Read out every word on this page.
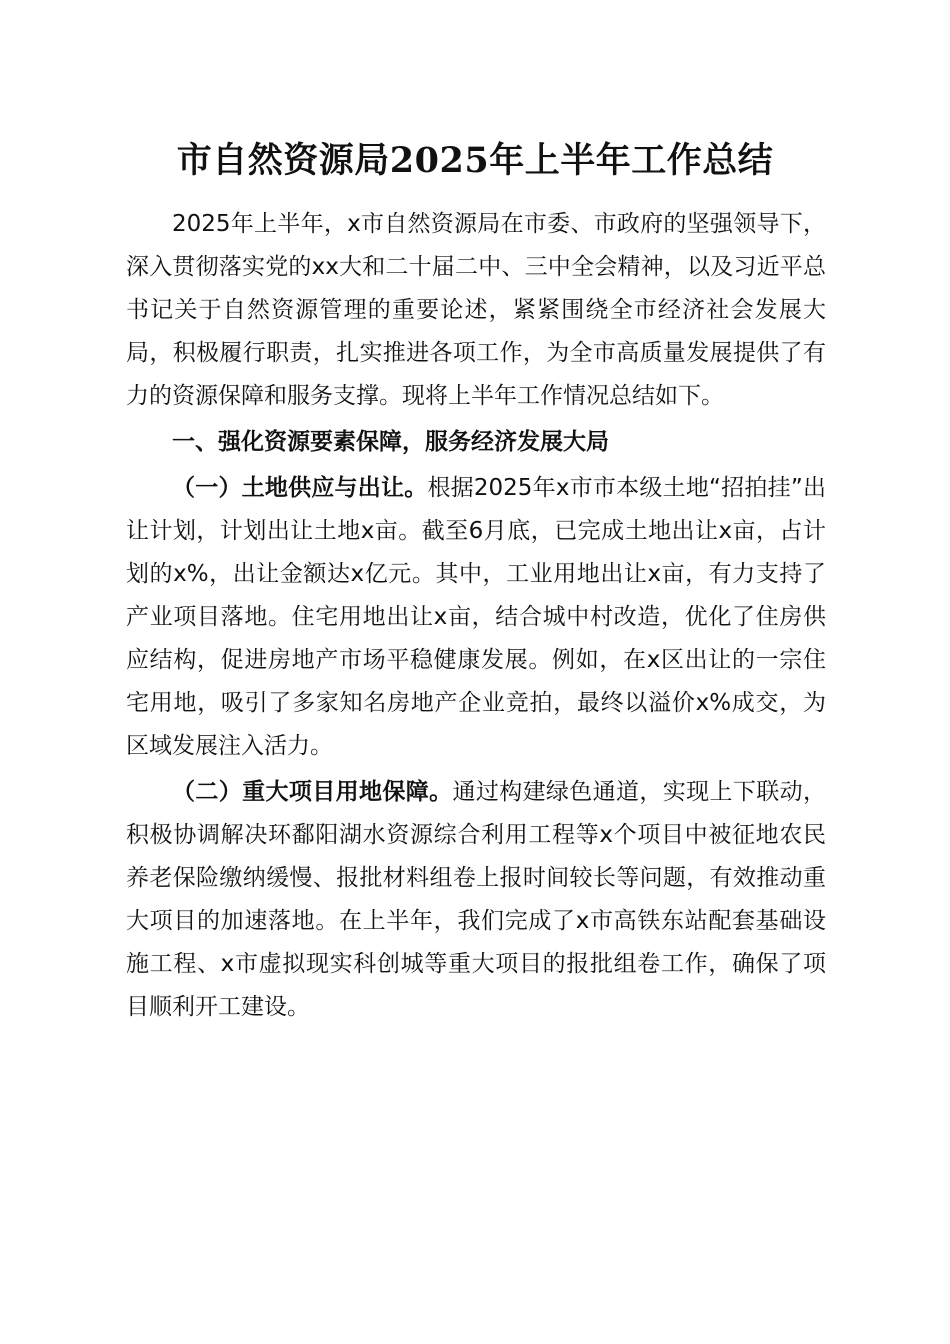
市自然资源局2025年上半年工作总结

2025年上半年，x市自然资源局在市委、市政府的坚强领导下，深入贯彻落实党的xx大和二十届二中、三中全会精神，以及习近平总书记关于自然资源管理的重要论述，紧紧围绕全市经济社会发展大局，积极履行职责，扎实推进各项工作，为全市高质量发展提供了有力的资源保障和服务支撑。现将上半年工作情况总结如下。

一、强化资源要素保障，服务经济发展大局

（一）土地供应与出让。根据2025年x市市本级土地“招拍挂”出让计划，计划出让土地x亩。截至6月底，已完成土地出让x亩，占计划的x%，出让金额达x亿元。其中，工业用地出让x亩，有力支持了产业项目落地。住宅用地出让x亩，结合城中村改造，优化了住房供应结构，促进房地产市场平稳健康发展。例如，在x区出让的一宗住宅用地，吸引了多家知名房地产企业竞拍，最终以溢价x%成交，为区域发展注入活力。

（二）重大项目用地保障。通过构建绿色通道，实现上下联动，积极协调解决环鄱阳湖水资源综合利用工程等x个项目中被征地农民养老保险缴纳缓慢、报批材料组卷上报时间较长等问题，有效推动重大项目的加速落地。在上半年，我们完成了x市高铁东站配套基础设施工程、x市虚拟现实科创城等重大项目的报批组卷工作，确保了项目顺利开工建设。
